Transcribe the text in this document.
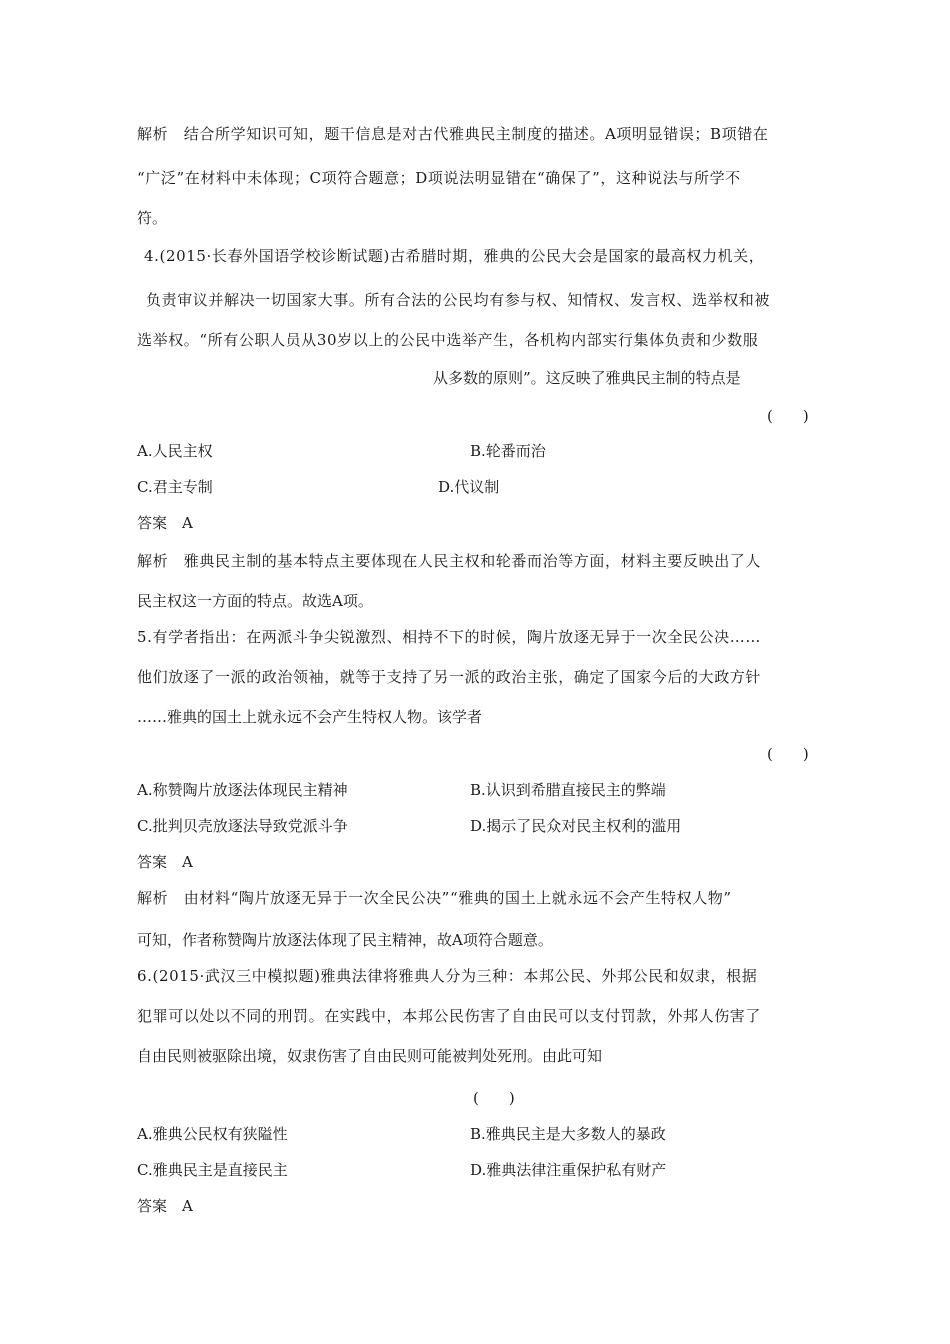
解析　结合所学知识可知，题干信息是对古代雅典民主制度的描述。A项明显错误；B项错在
“广泛”在材料中未体现；C项符合题意；D项说法明显错在“确保了”，这种说法与所学不
符。
4.(2015·长春外国语学校诊断试题)古希腊时期，雅典的公民大会是国家的最高权力机关，
负责审议并解决一切国家大事。所有合法的公民均有参与权、知情权、发言权、选举权和被
选举权。“所有公职人员从30岁以上的公民中选举产生，各机构内部实行集体负责和少数服
从多数的原则”。这反映了雅典民主制的特点是
(　　)
A.人民主权	B.轮番而治
C.君主专制	D.代议制
答案　A
解析　雅典民主制的基本特点主要体现在人民主权和轮番而治等方面，材料主要反映出了人
民主权这一方面的特点。故选A项。
5.有学者指出：在两派斗争尖锐激烈、相持不下的时候，陶片放逐无异于一次全民公决……
他们放逐了一派的政治领袖，就等于支持了另一派的政治主张，确定了国家今后的大政方针
……雅典的国土上就永远不会产生特权人物。该学者
(　　)
A.称赞陶片放逐法体现民主精神	B.认识到希腊直接民主的弊端
C.批判贝壳放逐法导致党派斗争	D.揭示了民众对民主权利的滥用
答案　A
解析　由材料“陶片放逐无异于一次全民公决”“雅典的国土上就永远不会产生特权人物”
可知，作者称赞陶片放逐法体现了民主精神，故A项符合题意。
6.(2015·武汉三中模拟题)雅典法律将雅典人分为三种：本邦公民、外邦公民和奴隶，根据
犯罪可以处以不同的刑罚。在实践中，本邦公民伤害了自由民可以支付罚款，外邦人伤害了
自由民则被驱除出境，奴隶伤害了自由民则可能被判处死刑。由此可知
(　　)
A.雅典公民权有狭隘性	B.雅典民主是大多数人的暴政
C.雅典民主是直接民主	D.雅典法律注重保护私有财产
答案　A
